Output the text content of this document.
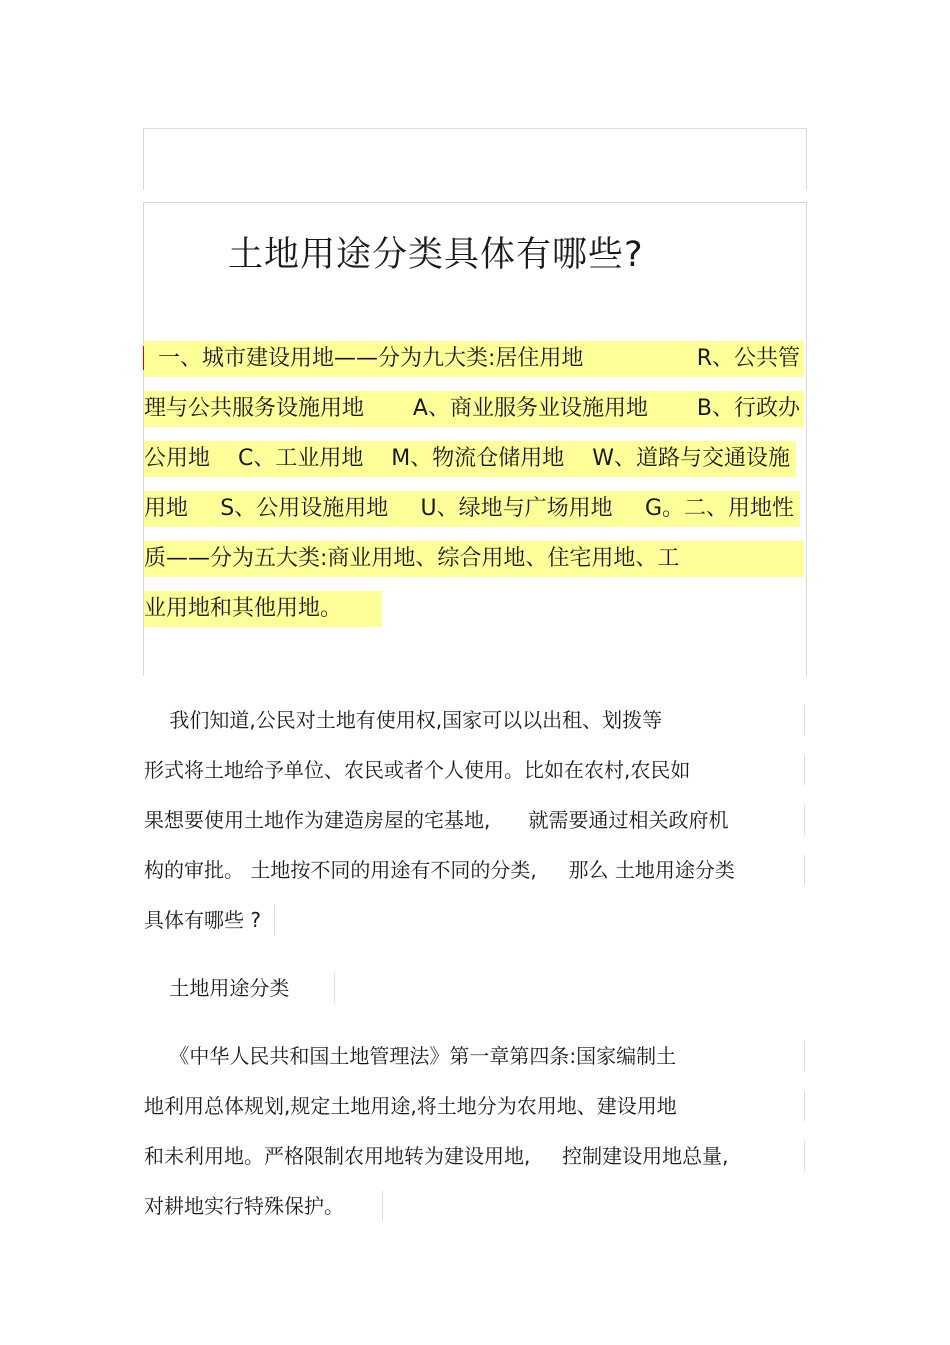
土地用途分类具体有哪些?
一、城市建设用地——分为九大类:居住用地	R、公共管
理与公共服务设施用地 A、商业服务业设施用地 B、行政办
公用地 C、工业用地 M、物流仓储用地 W、道路与交通设施
用地 S、公用设施用地 U、绿地与广场用地 G。二、用地性
质——分为五大类:商业用地、综合用地、住宅用地、工
业用地和其他用地。
我们知道,公民对土地有使用权,国家可以以出租、划拨等
形式将土地给予单位、农民或者个人使用。比如在农村,农民如
果想要使用土地作为建造房屋的宅基地,      就需要通过相关政府机
构的审批。 土地按不同的用途有不同的分类,     那么 土地用途分类
具体有哪些 ?
土地用途分类
《中华人民共和国土地管理法》第一章第四条:国家编制土
地利用总体规划,规定土地用途,将土地分为农用地、建设用地
和未利用地。严格限制农用地转为建设用地,     控制建设用地总量,
对耕地实行特殊保护。
